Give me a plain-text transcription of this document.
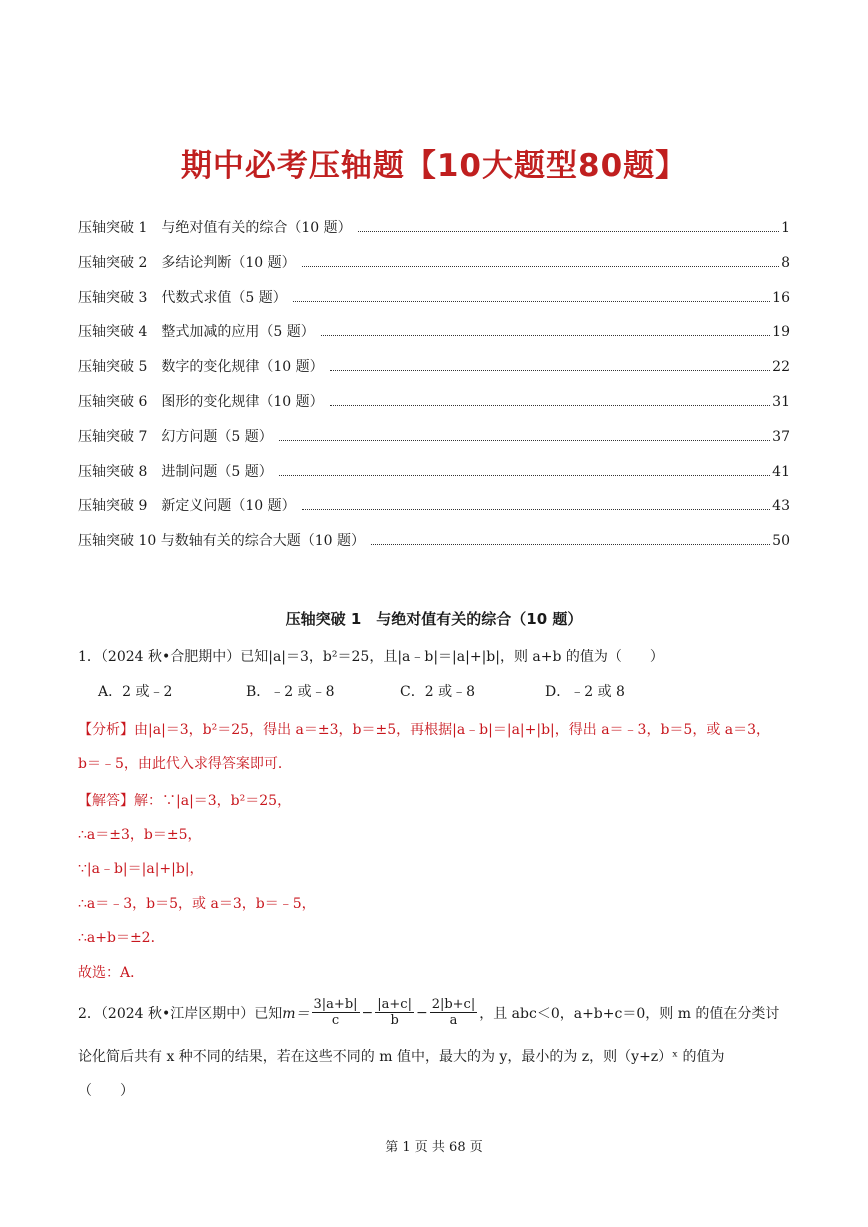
期中必考压轴题【10大题型80题】
压轴突破 1　与绝对值有关的综合（10 题）	1
压轴突破 2　多结论判断（10 题）	8
压轴突破 3　代数式求值（5 题）	16
压轴突破 4　整式加减的应用（5 题）	19
压轴突破 5　数字的变化规律（10 题）	22
压轴突破 6　图形的变化规律（10 题）	31
压轴突破 7　幻方问题（5 题）	37
压轴突破 8　进制问题（5 题）	41
压轴突破 9　新定义问题（10 题）	43
压轴突破 10 与数轴有关的综合大题（10 题）	50
压轴突破 1　与绝对值有关的综合（10 题）
1．（2024 秋•合肥期中）已知|a|＝3，b²＝25，且|a﹣b|＝|a|+|b|，则 a+b 的值为（　　）
A．2 或﹣2	B．﹣2 或﹣8	C．2 或﹣8	D．﹣2 或 8
【分析】由|a|＝3，b²＝25，得出 a＝±3，b＝±5，再根据|a﹣b|＝|a|+|b|，得出 a＝﹣3，b＝5，或 a＝3，
b＝﹣5，由此代入求得答案即可．
【解答】解：∵|a|＝3，b²＝25，
∴a＝±3，b＝±5，
∵|a﹣b|＝|a|+|b|，
∴a＝﹣3，b＝5，或 a＝3，b＝﹣5，
∴a+b＝±2．
故选：A．
2．（2024 秋•江岸区期中）已知 $m= \frac{3|a+b|}{c} - \frac{|a+c|}{b} - \frac{2|b+c|}{a}$ ，且 abc＜0，a+b+c＝0，则 m 的值在分类讨
论化简后共有 x 种不同的结果，若在这些不同的 m 值中，最大的为 y，最小的为 z，则（y+z）ˣ 的值为
（　　）
第 1 页 共 68 页
